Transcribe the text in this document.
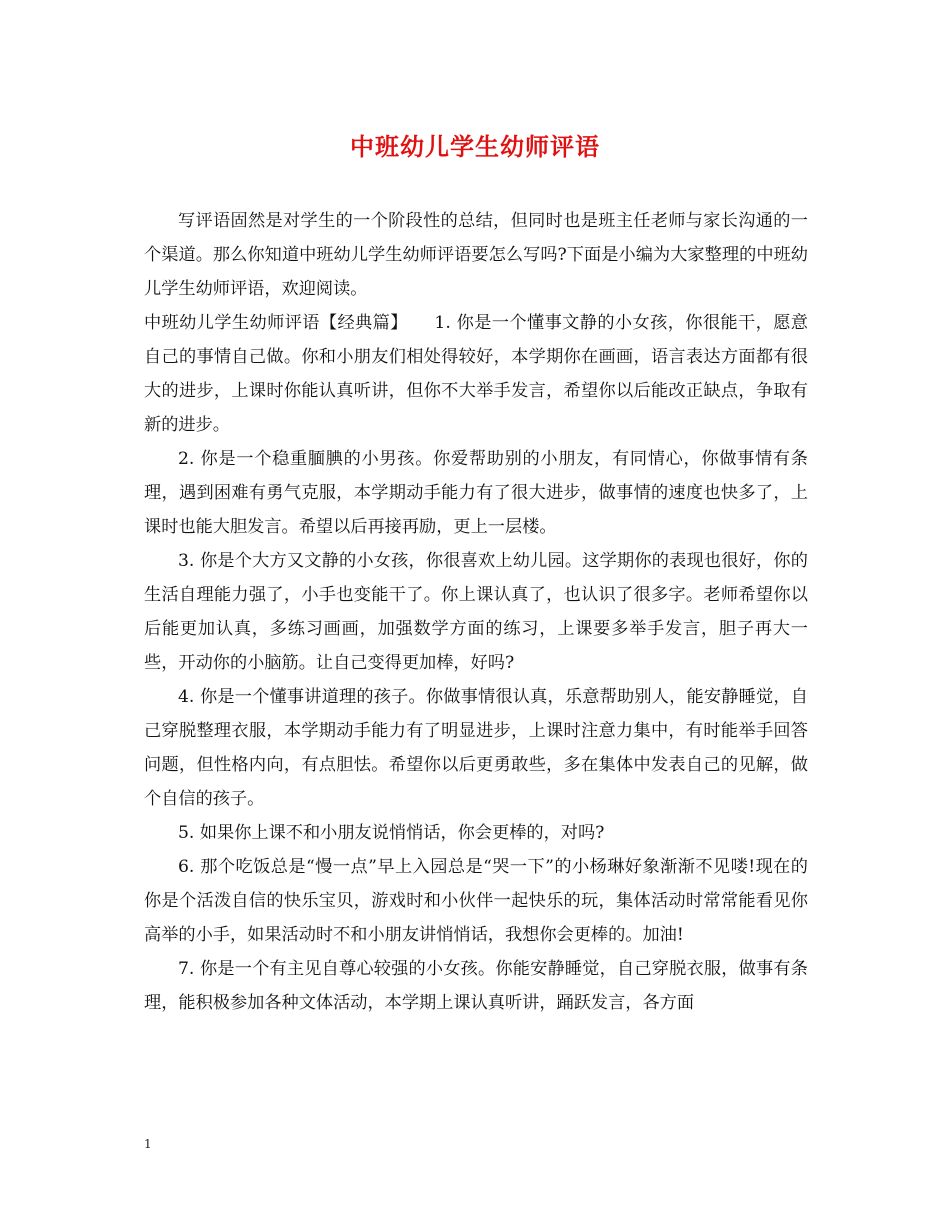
中班幼儿学生幼师评语

写评语固然是对学生的一个阶段性的总结，但同时也是班主任老师与家长沟通的一个渠道。那么你知道中班幼儿学生幼师评语要怎么写吗?下面是小编为大家整理的中班幼儿学生幼师评语，欢迎阅读。

中班幼儿学生幼师评语【经典篇】　　1. 你是一个懂事文静的小女孩，你很能干，愿意自己的事情自己做。你和小朋友们相处得较好，本学期你在画画，语言表达方面都有很大的进步，上课时你能认真听讲，但你不大举手发言，希望你以后能改正缺点，争取有新的进步。

2. 你是一个稳重腼腆的小男孩。你爱帮助别的小朋友，有同情心，你做事情有条理，遇到困难有勇气克服，本学期动手能力有了很大进步，做事情的速度也快多了，上课时也能大胆发言。希望以后再接再励，更上一层楼。

3. 你是个大方又文静的小女孩，你很喜欢上幼儿园。这学期你的表现也很好，你的生活自理能力强了，小手也变能干了。你上课认真了，也认识了很多字。老师希望你以后能更加认真，多练习画画，加强数学方面的练习，上课要多举手发言，胆子再大一些，开动你的小脑筋。让自己变得更加棒，好吗?

4. 你是一个懂事讲道理的孩子。你做事情很认真，乐意帮助别人，能安静睡觉，自己穿脱整理衣服，本学期动手能力有了明显进步，上课时注意力集中，有时能举手回答问题，但性格内向，有点胆怯。希望你以后更勇敢些，多在集体中发表自己的见解，做个自信的孩子。

5. 如果你上课不和小朋友说悄悄话，你会更棒的，对吗?

6. 那个吃饭总是“慢一点”早上入园总是“哭一下”的小杨琳好象渐渐不见喽!现在的你是个活泼自信的快乐宝贝，游戏时和小伙伴一起快乐的玩，集体活动时常常能看见你高举的小手，如果活动时不和小朋友讲悄悄话，我想你会更棒的。加油!

7. 你是一个有主见自尊心较强的小女孩。你能安静睡觉，自己穿脱衣服，做事有条理，能积极参加各种文体活动，本学期上课认真听讲，踊跃发言，各方面

1
